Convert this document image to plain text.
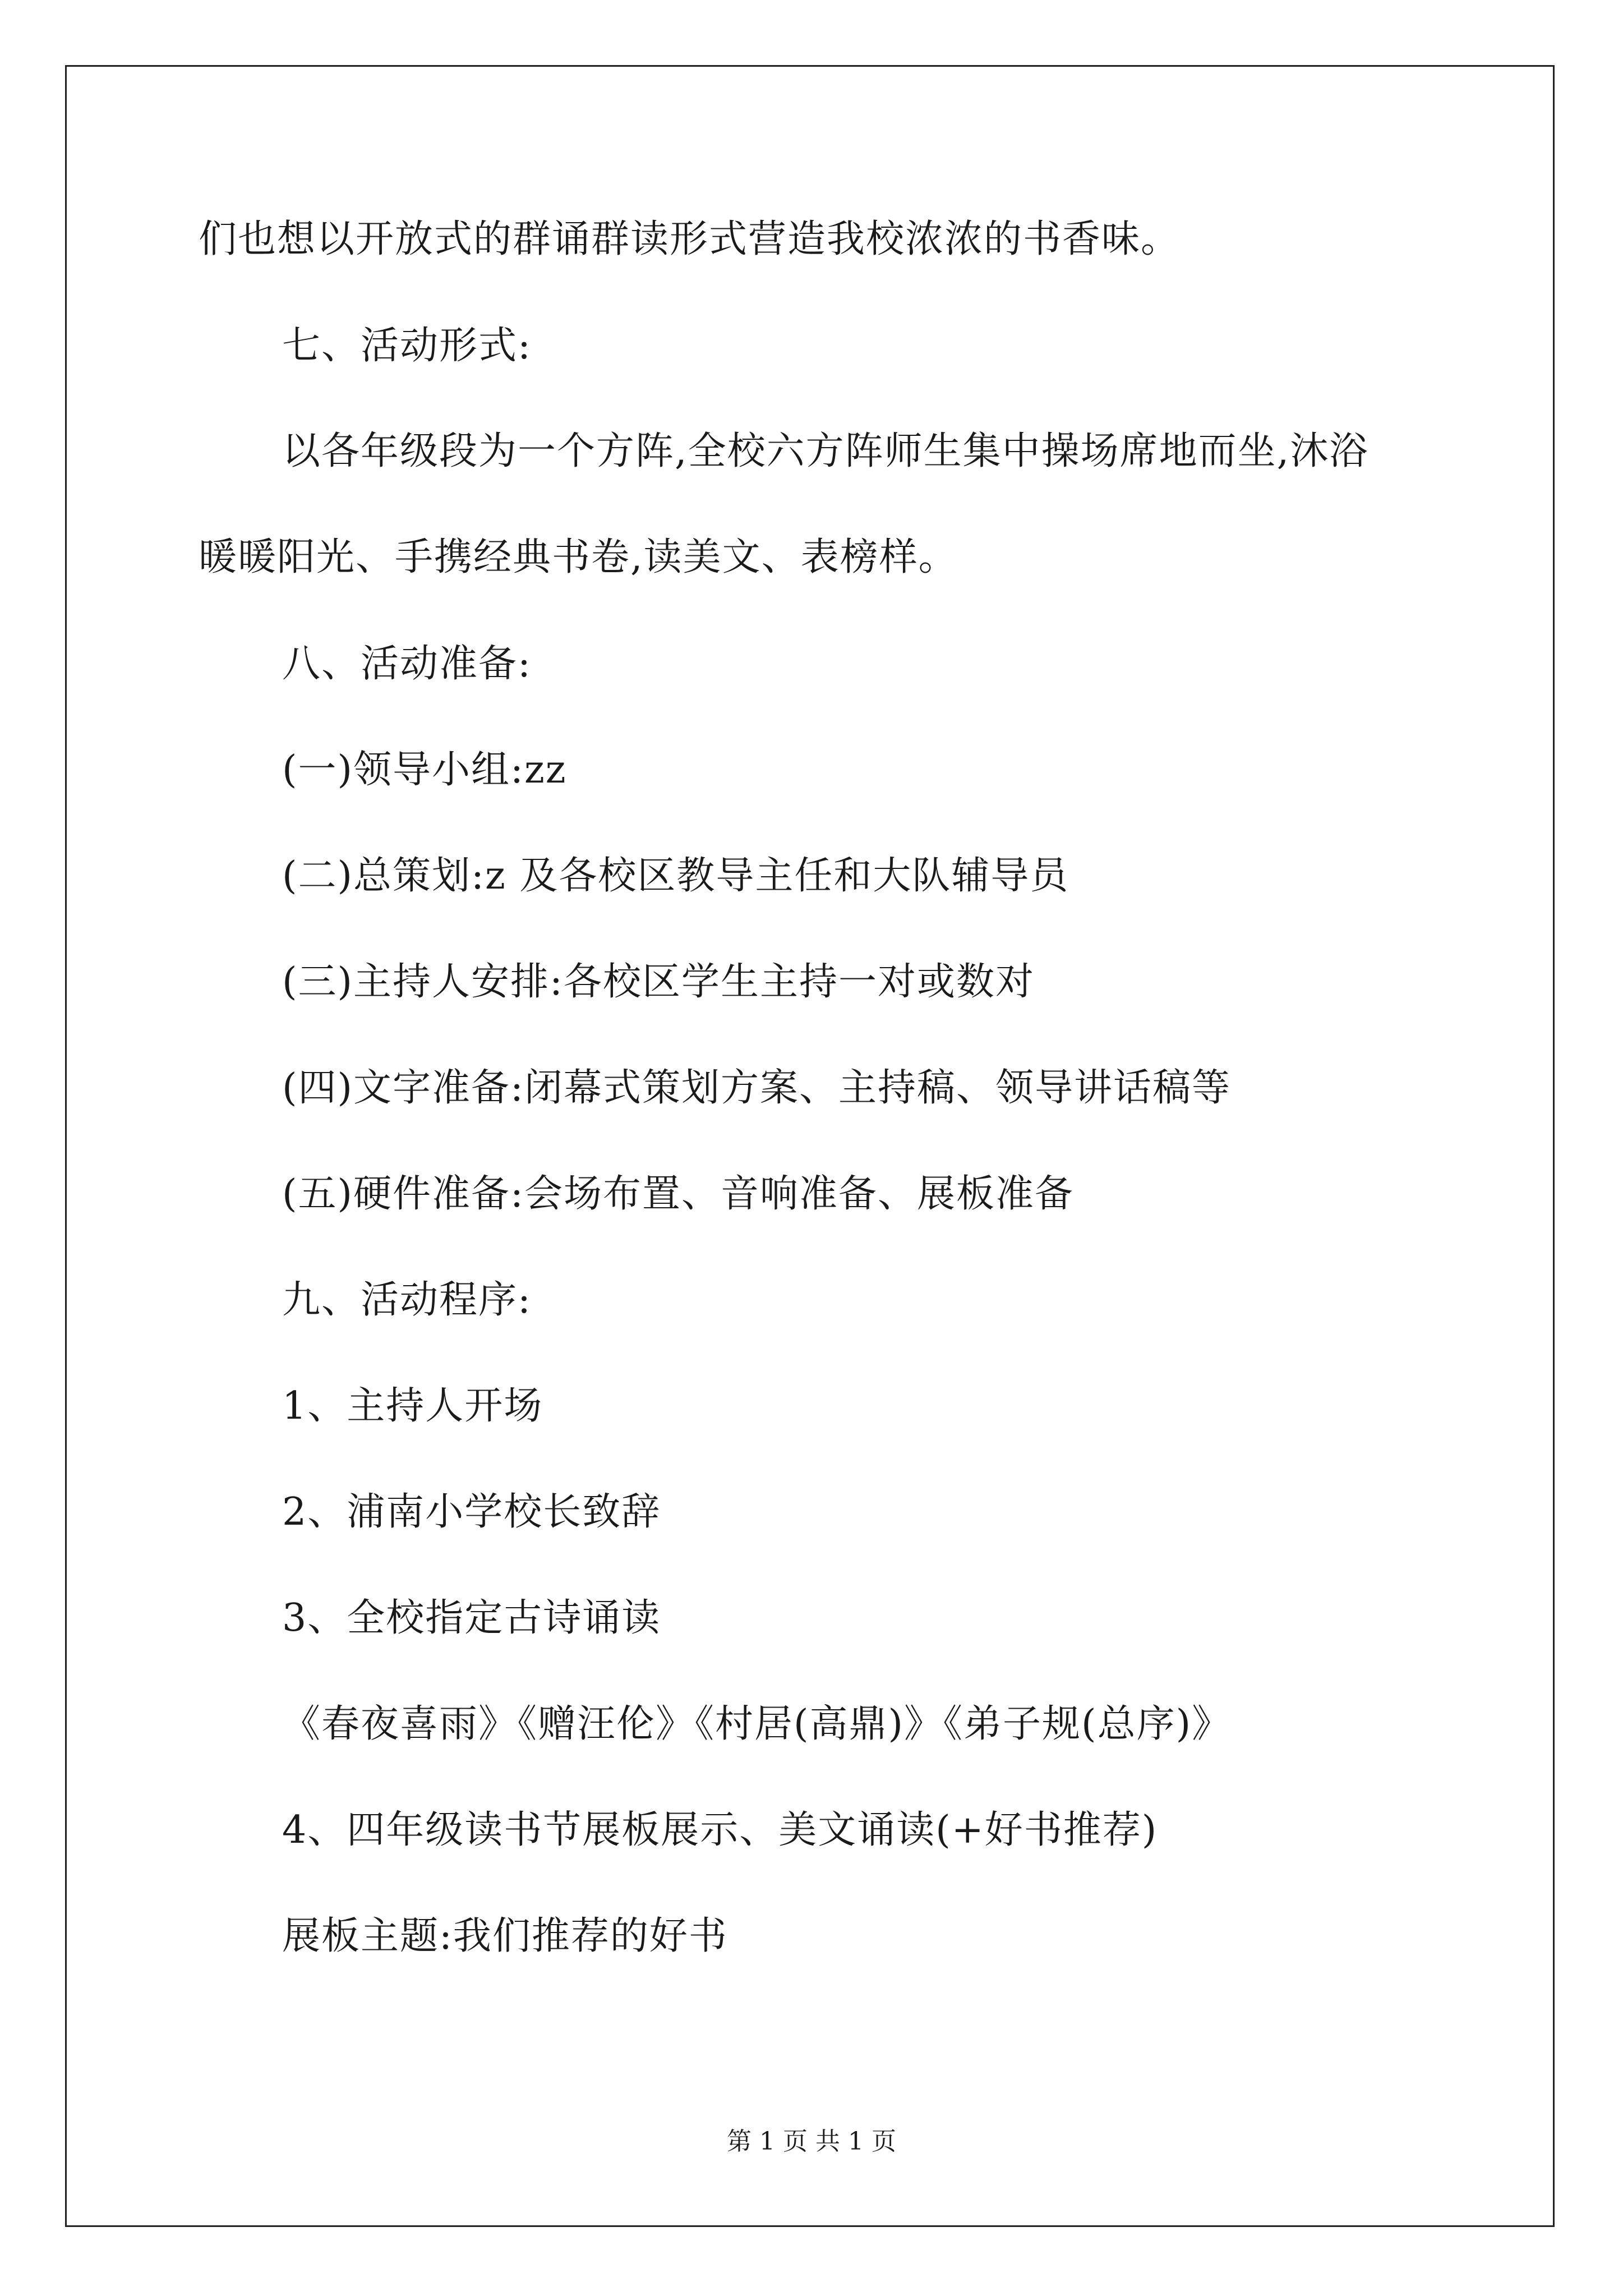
们也想以开放式的群诵群读形式营造我校浓浓的书香味。
七、活动形式:
以各年级段为一个方阵,全校六方阵师生集中操场席地而坐,沐浴
暖暖阳光、手携经典书卷,读美文、表榜样。
八、活动准备:
(一)领导小组:zz
(二)总策划:z 及各校区教导主任和大队辅导员
(三)主持人安排:各校区学生主持一对或数对
(四)文字准备:闭幕式策划方案、主持稿、领导讲话稿等
(五)硬件准备:会场布置、音响准备、展板准备
九、活动程序:
1、主持人开场
2、浦南小学校长致辞
3、全校指定古诗诵读
《春夜喜雨》《赠汪伦》《村居(高鼎)》《弟子规(总序)》
4、四年级读书节展板展示、美文诵读(+好书推荐)
展板主题:我们推荐的好书
第 1 页 共 1 页
